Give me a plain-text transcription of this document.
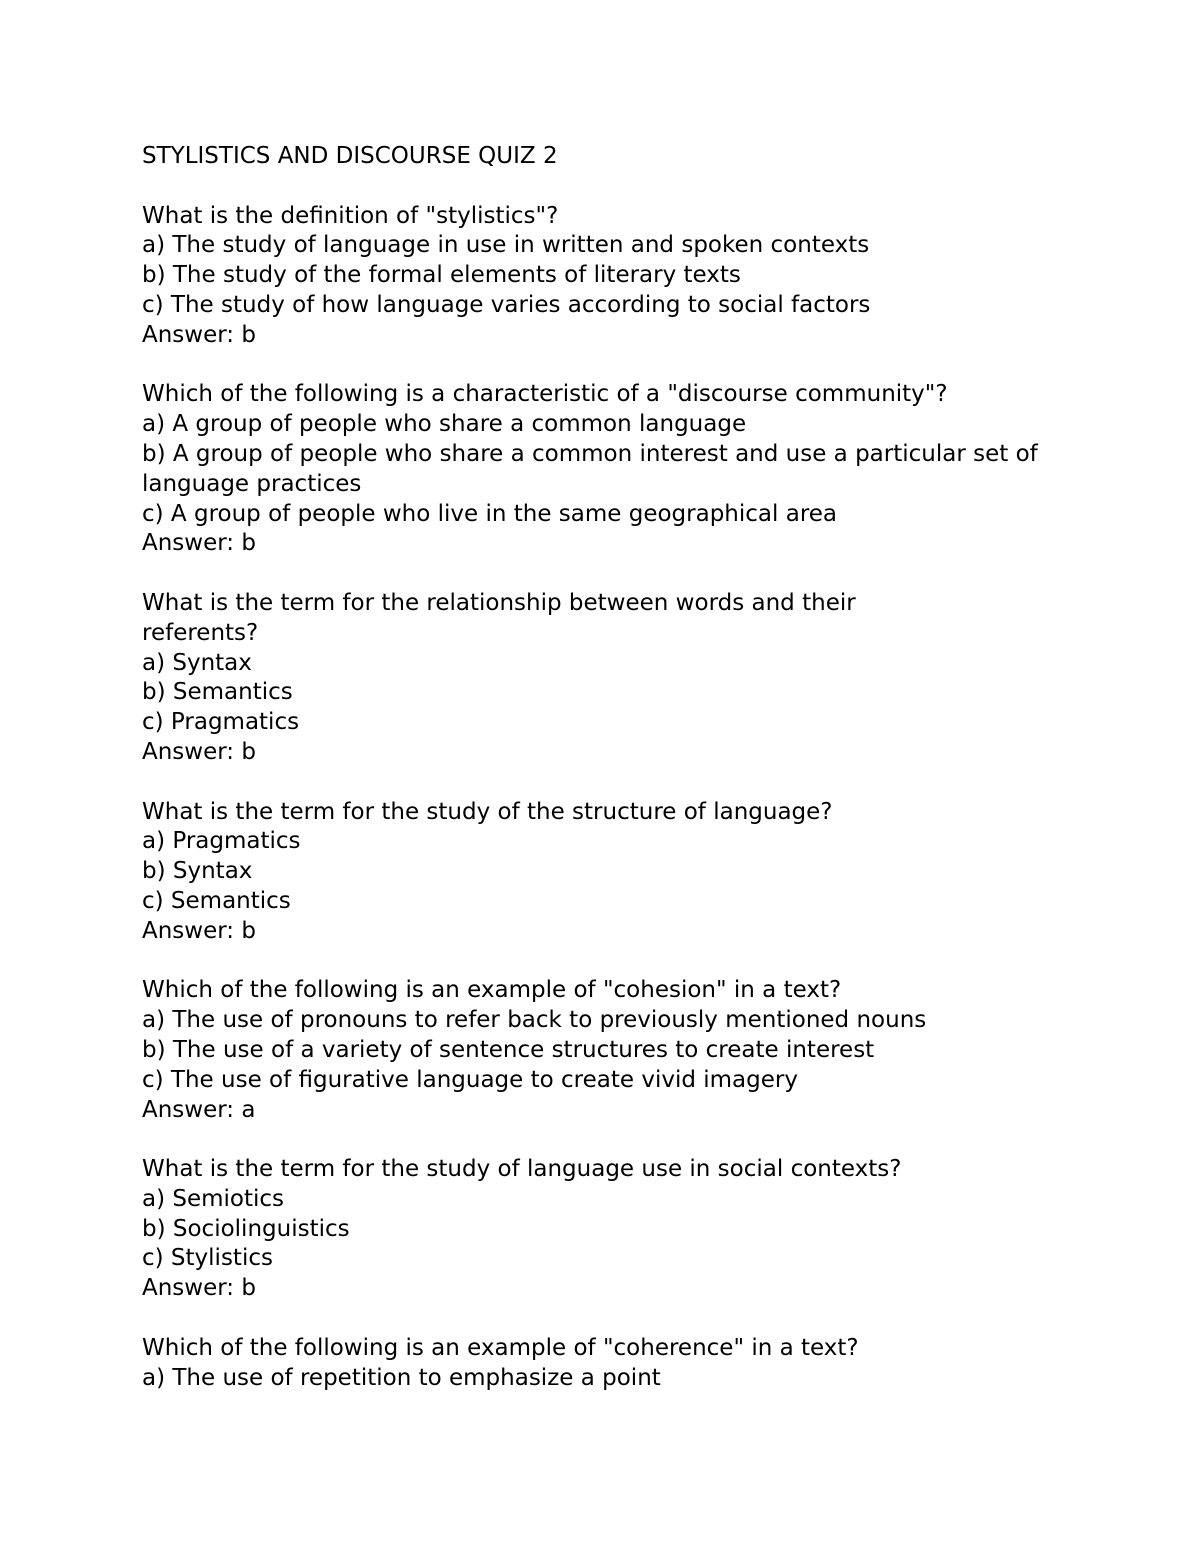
STYLISTICS AND DISCOURSE QUIZ 2
What is the definition of "stylistics"?
a) The study of language in use in written and spoken contexts
b) The study of the formal elements of literary texts
c) The study of how language varies according to social factors
Answer: b
Which of the following is a characteristic of a "discourse community"?
a) A group of people who share a common language
b) A group of people who share a common interest and use a particular set of language practices
c) A group of people who live in the same geographical area
Answer: b
What is the term for the relationship between words and their referents?
a) Syntax
b) Semantics
c) Pragmatics
Answer: b
What is the term for the study of the structure of language?
a) Pragmatics
b) Syntax
c) Semantics
Answer: b
Which of the following is an example of "cohesion" in a text?
a) The use of pronouns to refer back to previously mentioned nouns
b) The use of a variety of sentence structures to create interest
c) The use of figurative language to create vivid imagery
Answer: a
What is the term for the study of language use in social contexts?
a) Semiotics
b) Sociolinguistics
c) Stylistics
Answer: b
Which of the following is an example of "coherence" in a text?
a) The use of repetition to emphasize a point
